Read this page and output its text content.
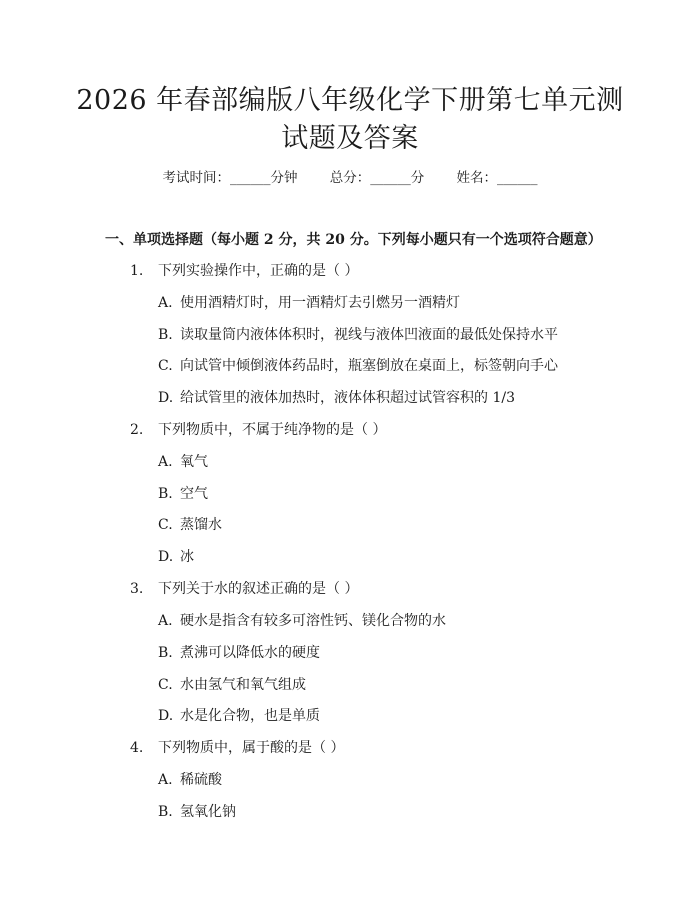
2026 年春部编版八年级化学下册第七单元测
试题及答案
考试时间：______分钟 总分：______分 姓名：______
一、单项选择题（每小题 2 分，共 20 分。下列每小题只有一个选项符合题意）
1. 下列实验操作中，正确的是（ ）
A. 使用酒精灯时，用一酒精灯去引燃另一酒精灯
B. 读取量筒内液体体积时，视线与液体凹液面的最低处保持水平
C. 向试管中倾倒液体药品时，瓶塞倒放在桌面上，标签朝向手心
D. 给试管里的液体加热时，液体体积超过试管容积的 1/3
2. 下列物质中，不属于纯净物的是（ ）
A. 氧气
B. 空气
C. 蒸馏水
D. 冰
3. 下列关于水的叙述正确的是（ ）
A. 硬水是指含有较多可溶性钙、镁化合物的水
B. 煮沸可以降低水的硬度
C. 水由氢气和氧气组成
D. 水是化合物，也是单质
4. 下列物质中，属于酸的是（ ）
A. 稀硫酸
B. 氢氧化钠
